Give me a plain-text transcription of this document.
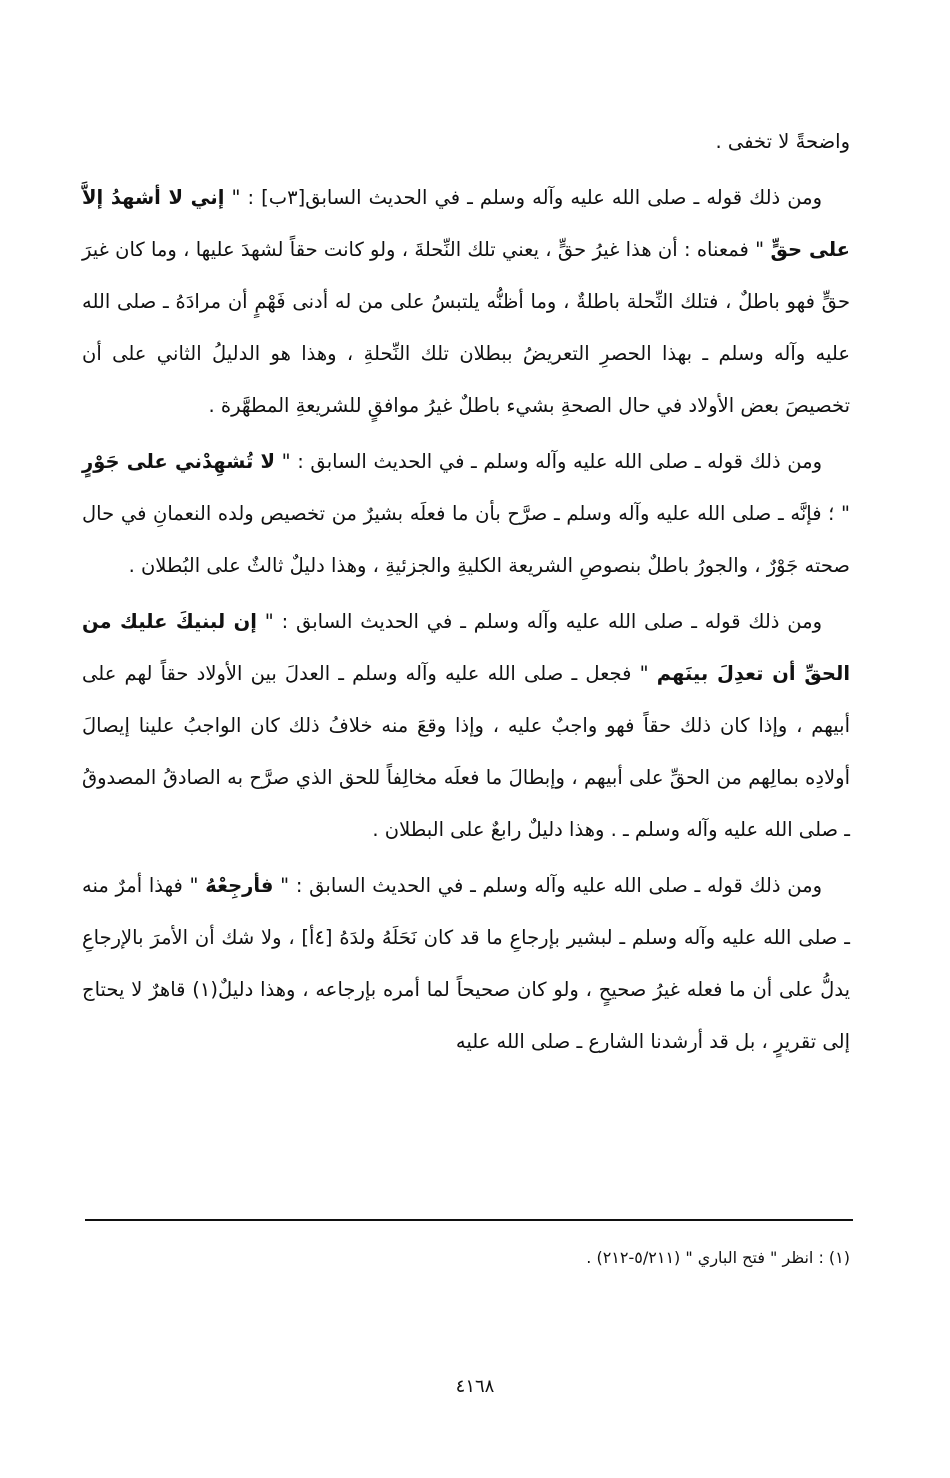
واضحةً لا تخفى .

ومن ذلك قوله ـ صلى الله عليه وآله وسلم ـ في الحديث السابق[٣ب] : " إني لا أشهدُ إلاَّ على حقٍّ " فمعناه : أن هذا غيرُ حقٍّ ، يعني تلك النِّحلةَ ، ولو كانت حقاً لشهدَ عليها ، وما كان غيرَ حقٍّ فهو باطلٌ ، فتلك النِّحلة باطلةٌ ، وما أظنُّه يلتبسُ على من له أدنى فَهْمٍ أن مرادَهُ ـ صلى الله عليه وآله وسلم ـ بهذا الحصرِ التعريضُ ببطلان تلك النِّحلةِ ، وهذا هو الدليلُ الثاني على أن تخصيصَ بعض الأولاد في حال الصحةِ بشيء باطلٌ غيرُ موافقٍ للشريعةِ المطهَّرة .

ومن ذلك قوله ـ صلى الله عليه وآله وسلم ـ في الحديث السابق : " لا تُشهِدْني على جَوْرٍ " ؛ فإنَّه ـ صلى الله عليه وآله وسلم ـ صرَّح بأن ما فعلَه بشيرٌ من تخصيص ولده النعمانِ في حال صحته جَوْرٌ ، والجورُ باطلٌ بنصوصِ الشريعة الكليةِ والجزئيةِ ، وهذا دليلٌ ثالثٌ على البُطلان .

ومن ذلك قوله ـ صلى الله عليه وآله وسلم ـ في الحديث السابق : " إن لبنيكَ عليك من الحقِّ أن تعدِلَ بينَهم " فجعل ـ صلى الله عليه وآله وسلم ـ العدلَ بين الأولاد حقاً لهم على أبيهم ، وإذا كان ذلك حقاً فهو واجبٌ عليه ، وإذا وقعَ منه خلافُ ذلك كان الواجبُ علينا إيصالَ أولادِه بمالِهم من الحقِّ على أبيهم ، وإبطالَ ما فعلَه مخالِفاً للحق الذي صرَّح به الصادقُ المصدوقُ ـ صلى الله عليه وآله وسلم ـ . وهذا دليلٌ رابعٌ على البطلان .

ومن ذلك قوله ـ صلى الله عليه وآله وسلم ـ في الحديث السابق : " فأرجِعْهُ " فهذا أمرٌ منه ـ صلى الله عليه وآله وسلم ـ لبشير بإرجاعِ ما قد كان نَحَلَهُ ولدَهُ [٤أ] ، ولا شك أن الأمرَ بالإرجاعِ يدلُّ على أن ما فعله غيرُ صحيحٍ ، ولو كان صحيحاً لما أمره بإرجاعه ، وهذا دليلٌ(١) قاهرٌ لا يحتاج إلى تقريرٍ ، بل قد أرشدنا الشارع ـ صلى الله عليه

(١) : انظر " فتح الباري " (٥/٢١١-٢١٢) .
٤١٦٨
